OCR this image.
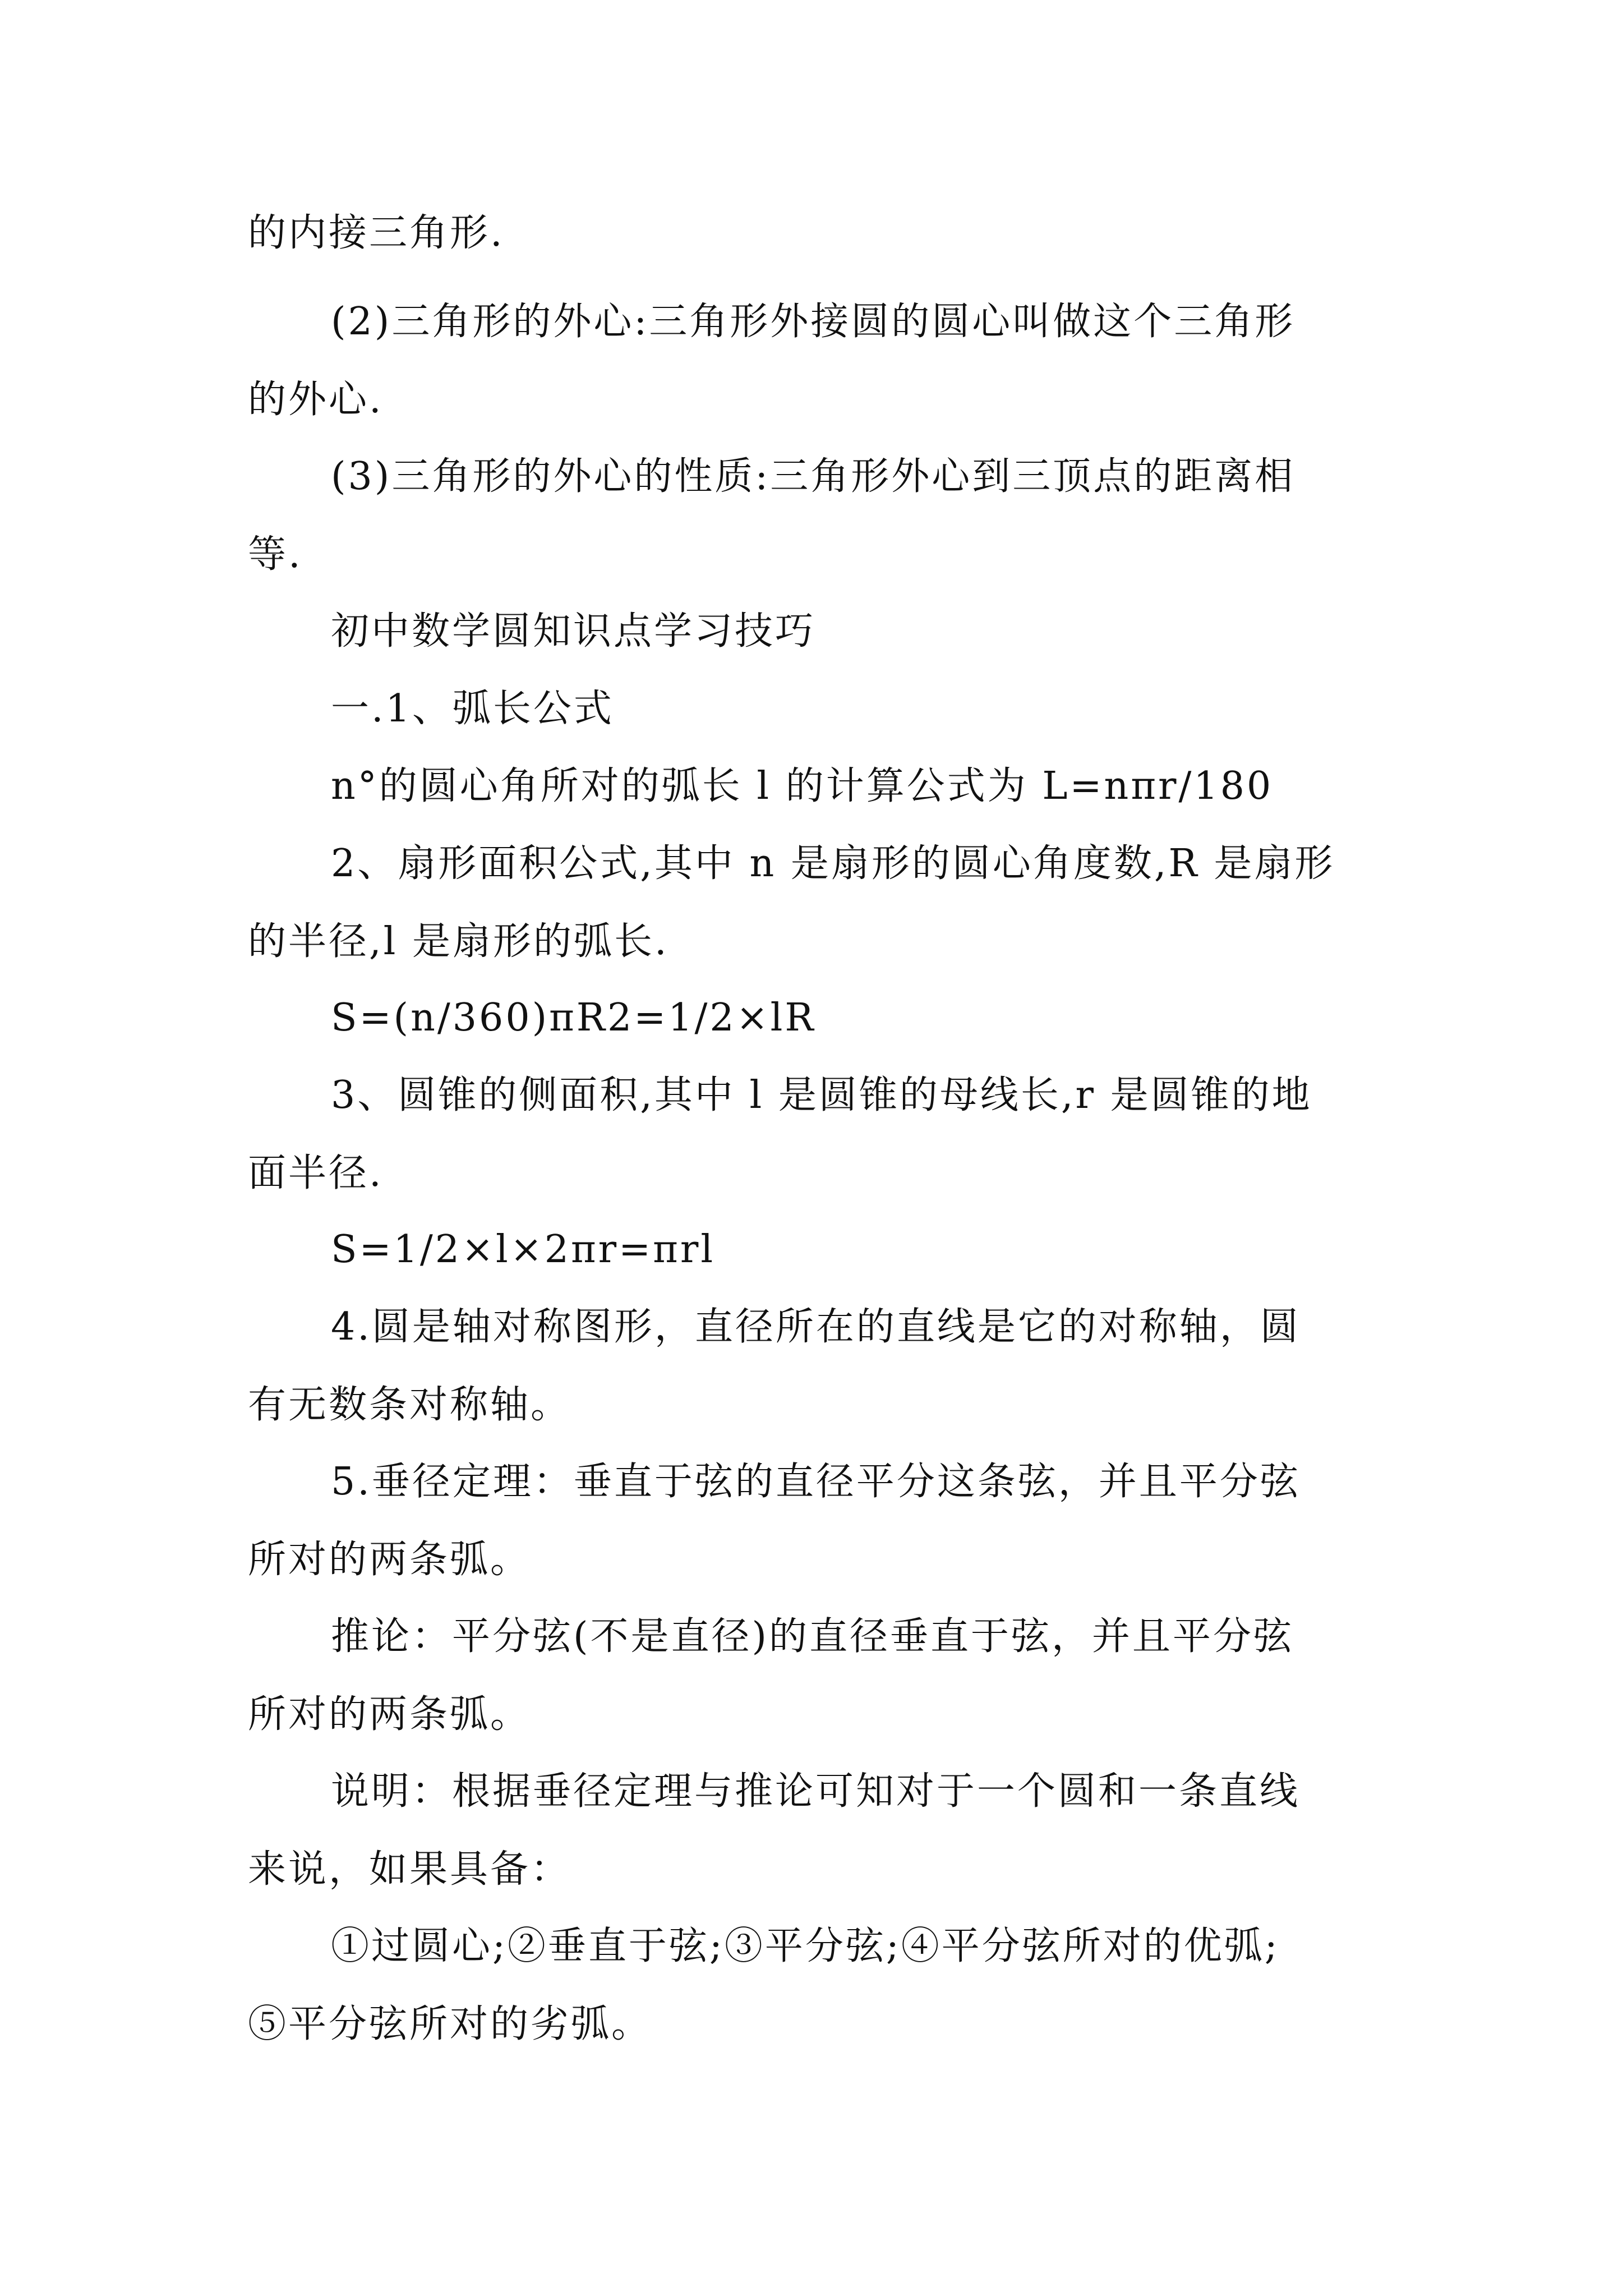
的内接三角形.
(2)三角形的外心:三角形外接圆的圆心叫做这个三角形
的外心.
(3)三角形的外心的性质:三角形外心到三顶点的距离相
等.
初中数学圆知识点学习技巧
一.1、弧长公式
n°的圆心角所对的弧长 l 的计算公式为 L=nπr/180
2、扇形面积公式,其中 n 是扇形的圆心角度数,R 是扇形
的半径,l 是扇形的弧长.
S=(n/360)πR2=1/2×lR
3、圆锥的侧面积,其中 l 是圆锥的母线长,r 是圆锥的地
面半径.
S=1/2×l×2πr=πrl
4.圆是轴对称图形，直径所在的直线是它的对称轴，圆
有无数条对称轴。
5.垂径定理：垂直于弦的直径平分这条弦，并且平分弦
所对的两条弧。
推论：平分弦(不是直径)的直径垂直于弦，并且平分弦
所对的两条弧。
说明：根据垂径定理与推论可知对于一个圆和一条直线
来说，如果具备：
①过圆心;②垂直于弦;③平分弦;④平分弦所对的优弧;
⑤平分弦所对的劣弧。
